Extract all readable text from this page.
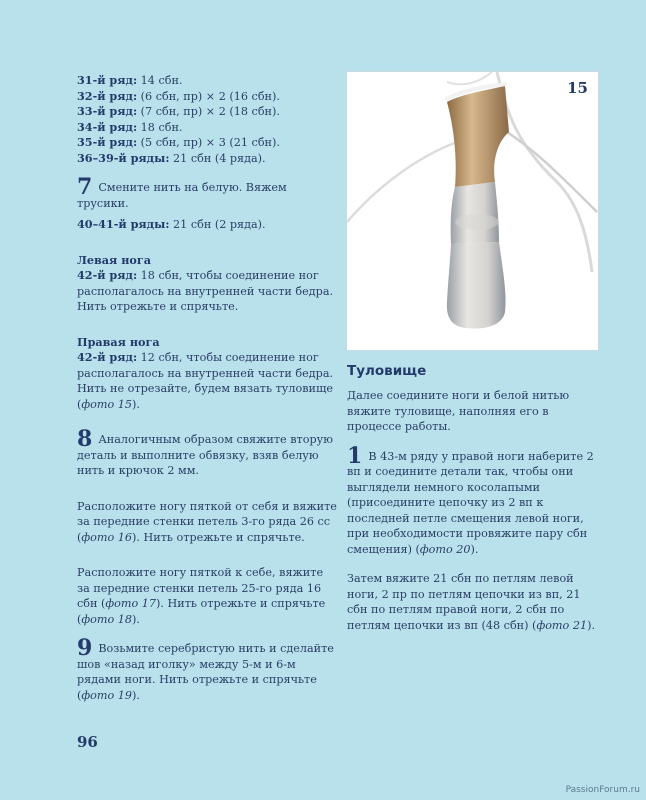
31-й ряд: 14 сбн.
32-й ряд: (6 сбн, пр) × 2 (16 сбн).
33-й ряд: (7 сбн, пр) × 2 (18 сбн).
34-й ряд: 18 сбн.
35-й ряд: (5 сбн, пр) × 3 (21 сбн).
36–39-й ряды: 21 сбн (4 ряда).

7 Смените нить на белую. Вяжем трусики.

40–41-й ряды: 21 сбн (2 ряда).

Левая нога

42-й ряд: 18 сбн, чтобы соединение ног располагалось на внутренней части бедра. Нить отрежьте и спрячьте.

Правая нога

42-й ряд: 12 сбн, чтобы соединение ног располагалось на внутренней части бедра. Нить не отрезайте, будем вязать туловище (фото 15).

8 Аналогичным образом свяжите вторую деталь и выполните обвязку, взяв белую нить и крючок 2 мм.

Расположите ногу пяткой от себя и вяжите за передние стенки петель 3-го ряда 26 сс (фото 16). Нить отрежьте и спрячьте.

Расположите ногу пяткой к себе, вяжите за передние стенки петель 25-го ряда 16 сбн (фото 17). Нить отрежьте и спрячьте (фото 18).

9 Возьмите серебристую нить и сделайте шов «назад иголку» между 5-м и 6-м рядами ноги. Нить отрежьте и спрячьте (фото 19).

15
Туловище

Далее соедините ноги и белой нитью вяжите туловище, наполняя его в процессе работы.

1 В 43-м ряду у правой ноги наберите 2 вп и соедините детали так, чтобы они выглядели немного косолапыми (присоедините цепочку из 2 вп к последней петле смещения левой ноги, при необходимости провяжите пару сбн смещения) (фото 20).

Затем вяжите 21 сбн по петлям левой ноги, 2 пр по петлям цепочки из вп, 21 сбн по петлям правой ноги, 2 сбн по петлям цепочки из вп (48 сбн) (фото 21).

96
PassionForum.ru
